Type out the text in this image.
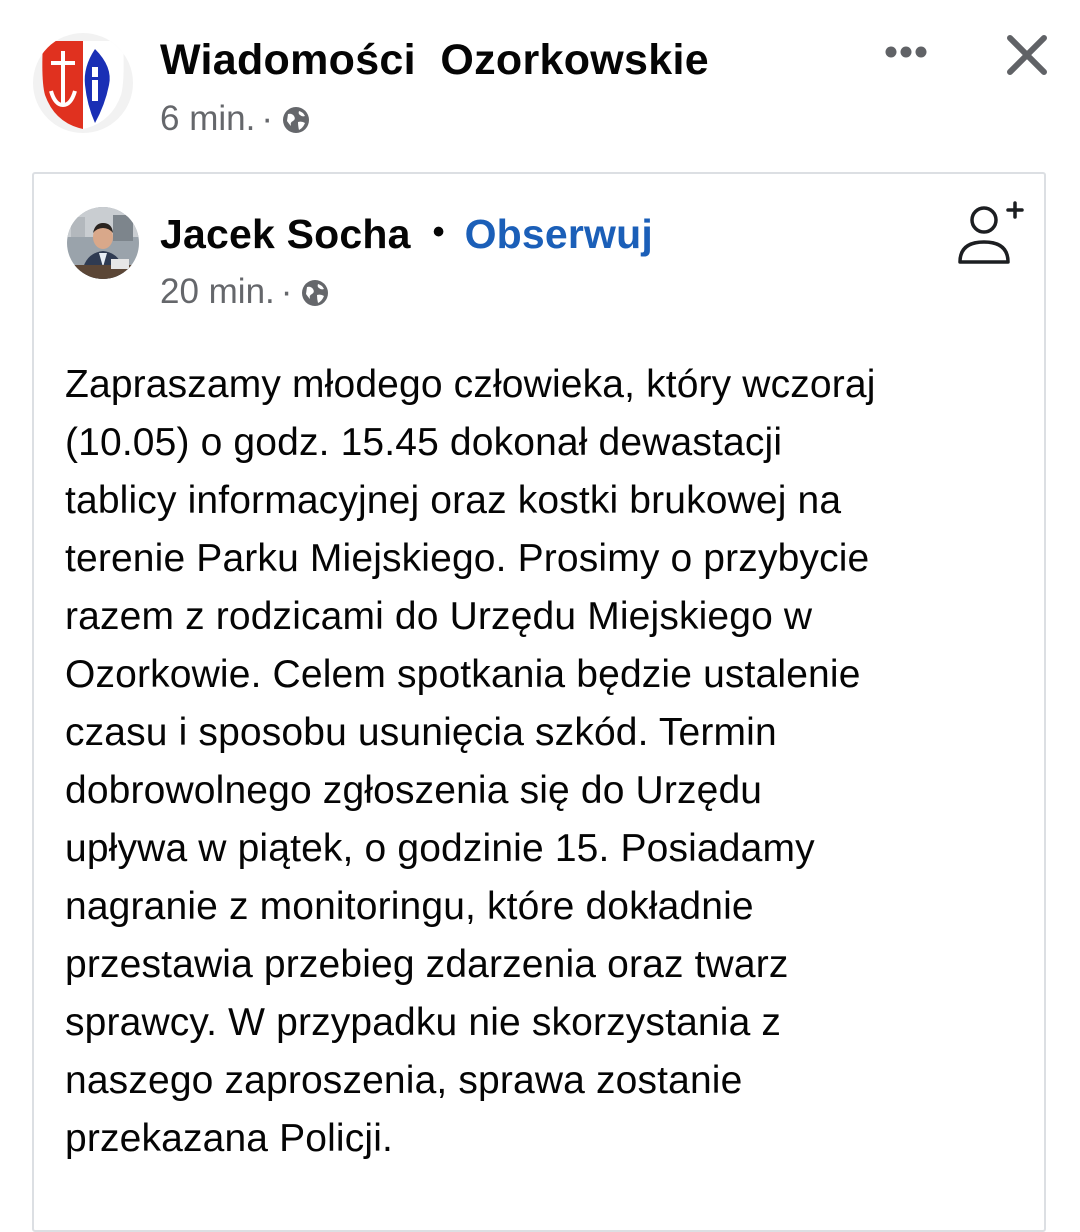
Wiadomości  Ozorkowskie
6 min. ·
Jacek Socha • Obserwuj
20 min. ·

Zapraszamy młodego człowieka, który wczoraj
(10.05) o godz. 15.45 dokonał dewastacji
tablicy informacyjnej oraz kostki brukowej na
terenie Parku Miejskiego. Prosimy o przybycie
razem z rodzicami do Urzędu Miejskiego w
Ozorkowie. Celem spotkania będzie ustalenie
czasu i sposobu usunięcia szkód. Termin
dobrowolnego zgłoszenia się do Urzędu
upływa w piątek, o godzinie 15. Posiadamy
nagranie z monitoringu, które dokładnie
przestawia przebieg zdarzenia oraz twarz
sprawcy. W przypadku nie skorzystania z
naszego zaproszenia, sprawa zostanie
przekazana Policji.
